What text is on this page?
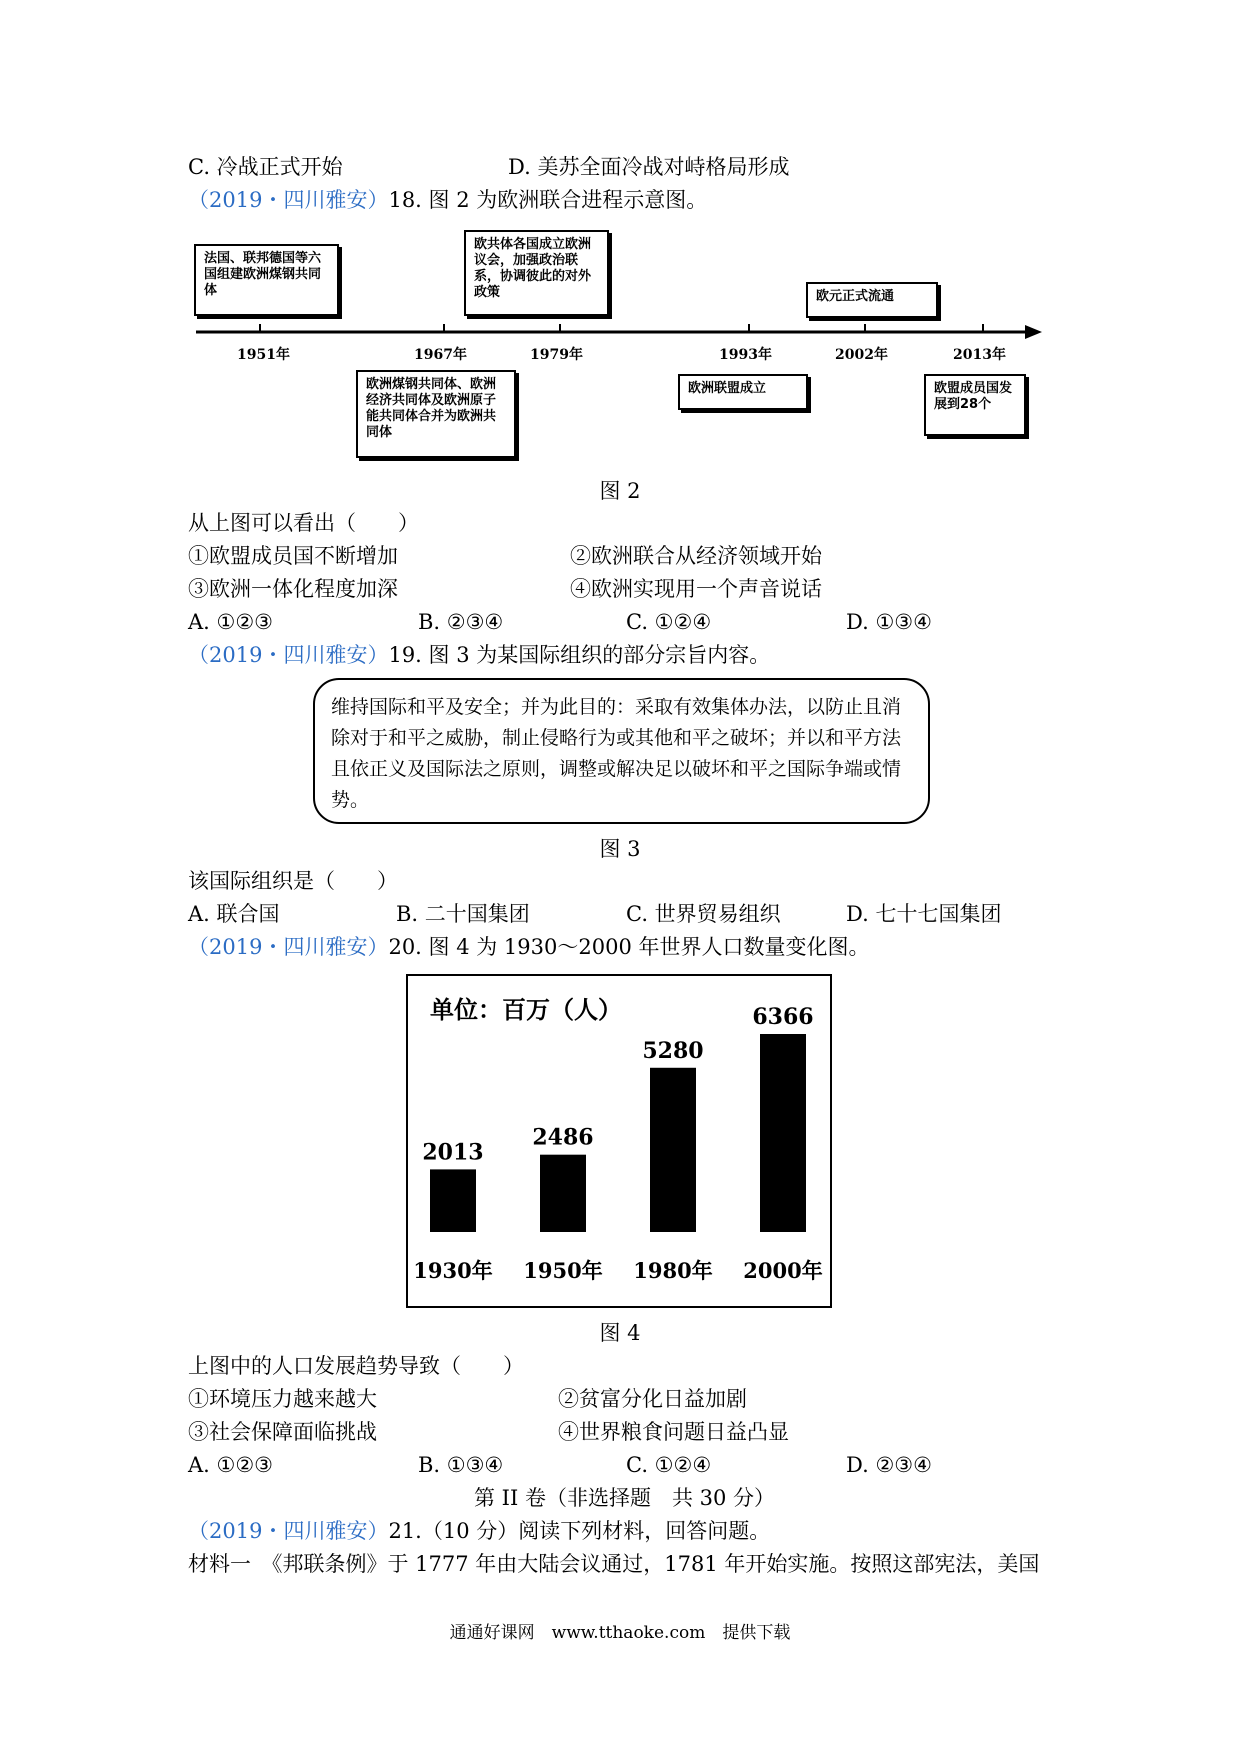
C. 冷战正式开始	D. 美苏全面冷战对峙格局形成
（2019・四川雅安）18. 图 2 为欧洲联合进程示意图。
1951年	1967年	1979年	1993年	2002年	2013年
法国、联邦德国等六国组建欧洲煤钢共同体
欧共体各国成立欧洲议会，加强政治联系，协调彼此的对外政策	欧元正式流通
欧洲煤钢共同体、欧洲经济共同体及欧洲原子能共同体合并为欧洲共同体
欧洲联盟成立	欧盟成员国发展到28个
图 2
从上图可以看出（　　）
①欧盟成员国不断增加	②欧洲联合从经济领域开始
③欧洲一体化程度加深	④欧洲实现用一个声音说话
A. ①②③	B. ②③④	C. ①②④	D. ①③④
（2019・四川雅安）19. 图 3 为某国际组织的部分宗旨内容。
维持国际和平及安全；并为此目的：采取有效集体办法，以防止且消除对于和平之威胁，制止侵略行为或其他和平之破坏；并以和平方法且依正义及国际法之原则，调整或解决足以破坏和平之国际争端或情势。
图 3
该国际组织是（　　）
A. 联合国	B. 二十国集团	C. 世界贸易组织	D. 七十七国集团
（2019・四川雅安）20. 图 4 为 1930～2000 年世界人口数量变化图。
单位：百万（人）
2013
1930年
2486
1950年
5280
1980年
6366
2000年
图 4
上图中的人口发展趋势导致（　　）
①环境压力越来越大	②贫富分化日益加剧
③社会保障面临挑战	④世界粮食问题日益凸显
A. ①②③	B. ①③④	C. ①②④	D. ②③④
第 II 卷（非选择题　共 30 分）
（2019・四川雅安）21.（10 分）阅读下列材料，回答问题。
材料一　《邦联条例》于 1777 年由大陆会议通过，1781 年开始实施。按照这部宪法，美国
通通好课网　www.tthaoke.com　提供下载
